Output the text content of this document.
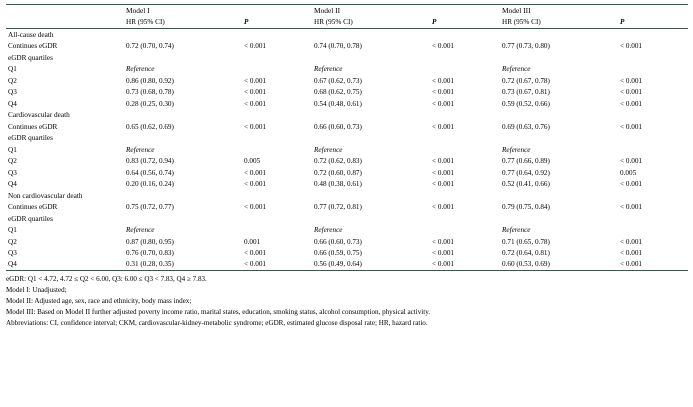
	Model I		Model II		Model III	
	HR (95% CI)	P	HR (95% CI)	P	HR (95% CI)	P
All-cause death						
Continues eGDR	0.72 (0.70, 0.74)	< 0.001	0.74 (0.70, 0.78)	< 0.001	0.77 (0.73, 0.80)	< 0.001
eGDR quartiles						
Q1	Reference		Reference		Reference	
Q2	0.86 (0.80, 0.92)	< 0.001	0.67 (0.62, 0.73)	< 0.001	0.72 (0.67, 0.78)	< 0.001
Q3	0.73 (0.68, 0.78)	< 0.001	0.68 (0.62, 0.75)	< 0.001	0.73 (0.67, 0.81)	< 0.001
Q4	0.28 (0.25, 0.30)	< 0.001	0.54 (0.48, 0.61)	< 0.001	0.59 (0.52, 0.66)	< 0.001
Cardiovascular death						
Continues eGDR	0.65 (0.62, 0.69)	< 0.001	0.66 (0.60, 0.73)	< 0.001	0.69 (0.63, 0.76)	< 0.001
eGDR quartiles						
Q1	Reference		Reference		Reference	
Q2	0.83 (0.72, 0.94)	0.005	0.72 (0.62, 0.83)	< 0.001	0.77 (0.66, 0.89)	< 0.001
Q3	0.64 (0.56, 0.74)	< 0.001	0.72 (0.60, 0.87)	< 0.001	0.77 (0.64, 0.92)	0.005
Q4	0.20 (0.16, 0.24)	< 0.001	0.48 (0.38, 0.61)	< 0.001	0.52 (0.41, 0.66)	< 0.001
Non cardiovascular death						
Continues eGDR	0.75 (0.72, 0.77)	< 0.001	0.77 (0.72, 0.81)	< 0.001	0.79 (0.75, 0.84)	< 0.001
eGDR quartiles						
Q1	Reference		Reference		Reference	
Q2	0.87 (0.80, 0.95)	0.001	0.66 (0.60, 0.73)	< 0.001	0.71 (0.65, 0.78)	< 0.001
Q3	0.76 (0.70, 0.83)	< 0.001	0.66 (0.59, 0.75)	< 0.001	0.72 (0.64, 0.81)	< 0.001
Q4	0.31 (0.28, 0.35)	< 0.001	0.56 (0.49, 0.64)	< 0.001	0.60 (0.53, 0.69)	< 0.001
eGDR: Q1 < 4.72, 4.72 ≤ Q2 < 6.00, Q3: 6.00 ≤ Q3 < 7.83, Q4 ≥ 7.83.
Model I: Unadjusted;
Model II: Adjusted age, sex, race and ethnicity, body mass index;
Model III: Based on Model II further adjusted poverty income ratio, marital states, education, smoking status, alcohol consumption, physical activity.
Abbreviations: CI, confidence interval; CKM, cardiovascular-kidney-metabolic syndrome; eGDR, estimated glucose disposal rate; HR, hazard ratio.
